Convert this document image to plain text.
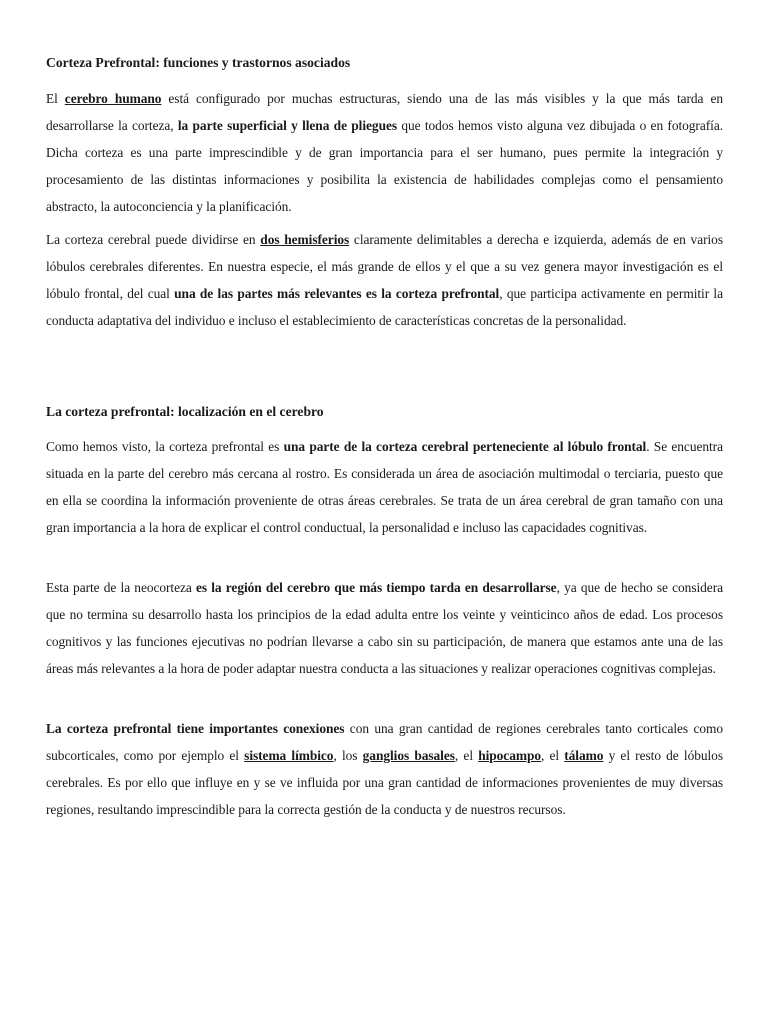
Corteza Prefrontal: funciones y trastornos asociados

El cerebro humano está configurado por muchas estructuras, siendo una de las más visibles y la que más tarda en desarrollarse la corteza, la parte superficial y llena de pliegues que todos hemos visto alguna vez dibujada o en fotografía. Dicha corteza es una parte imprescindible y de gran importancia para el ser humano, pues permite la integración y procesamiento de las distintas informaciones y posibilita la existencia de habilidades complejas como el pensamiento abstracto, la autoconciencia y la planificación.

La corteza cerebral puede dividirse en dos hemisferios claramente delimitables a derecha e izquierda, además de en varios lóbulos cerebrales diferentes. En nuestra especie, el más grande de ellos y el que a su vez genera mayor investigación es el lóbulo frontal, del cual una de las partes más relevantes es la corteza prefrontal, que participa activamente en permitir la conducta adaptativa del individuo e incluso el establecimiento de características concretas de la personalidad.

La corteza prefrontal: localización en el cerebro

Como hemos visto, la corteza prefrontal es una parte de la corteza cerebral perteneciente al lóbulo frontal. Se encuentra situada en la parte del cerebro más cercana al rostro. Es considerada un área de asociación multimodal o terciaria, puesto que en ella se coordina la información proveniente de otras áreas cerebrales. Se trata de un área cerebral de gran tamaño con una gran importancia a la hora de explicar el control conductual, la personalidad e incluso las capacidades cognitivas.

Esta parte de la neocorteza es la región del cerebro que más tiempo tarda en desarrollarse, ya que de hecho se considera que no termina su desarrollo hasta los principios de la edad adulta entre los veinte y veinticinco años de edad. Los procesos cognitivos y las funciones ejecutivas no podrían llevarse a cabo sin su participación, de manera que estamos ante una de las áreas más relevantes a la hora de poder adaptar nuestra conducta a las situaciones y realizar operaciones cognitivas complejas.

La corteza prefrontal tiene importantes conexiones con una gran cantidad de regiones cerebrales tanto corticales como subcorticales, como por ejemplo el sistema límbico, los ganglios basales, el hipocampo, el tálamo y el resto de lóbulos cerebrales. Es por ello que influye en y se ve influida por una gran cantidad de informaciones provenientes de muy diversas regiones, resultando imprescindible para la correcta gestión de la conducta y de nuestros recursos.
